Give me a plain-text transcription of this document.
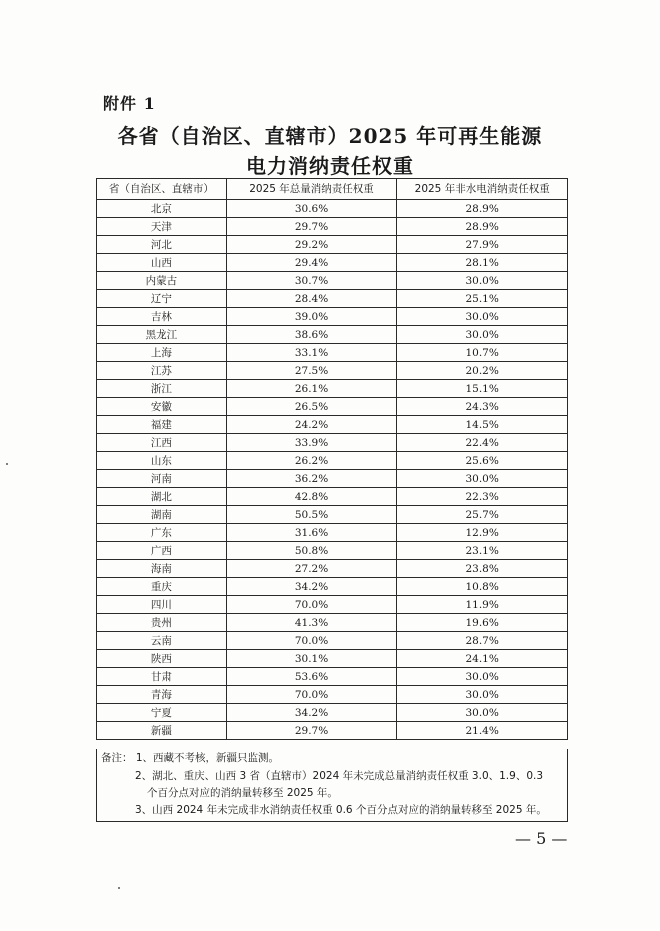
附件 1
各省（自治区、直辖市）2025 年可再生能源
电力消纳责任权重
省（自治区、直辖市）	2025 年总量消纳责任权重	2025 年非水电消纳责任权重
北京	30.6%	28.9%
天津	29.7%	28.9%
河北	29.2%	27.9%
山西	29.4%	28.1%
内蒙古	30.7%	30.0%
辽宁	28.4%	25.1%
吉林	39.0%	30.0%
黑龙江	38.6%	30.0%
上海	33.1%	10.7%
江苏	27.5%	20.2%
浙江	26.1%	15.1%
安徽	26.5%	24.3%
福建	24.2%	14.5%
江西	33.9%	22.4%
山东	26.2%	25.6%
河南	36.2%	30.0%
湖北	42.8%	22.3%
湖南	50.5%	25.7%
广东	31.6%	12.9%
广西	50.8%	23.1%
海南	27.2%	23.8%
重庆	34.2%	10.8%
四川	70.0%	11.9%
贵州	41.3%	19.6%
云南	70.0%	28.7%
陕西	30.1%	24.1%
甘肃	53.6%	30.0%
青海	70.0%	30.0%
宁夏	34.2%	30.0%
新疆	29.7%	21.4%
备注： 1、西藏不考核，新疆只监测。
2、湖北、重庆、山西 3 省（直辖市）2024 年未完成总量消纳责任权重 3.0、1.9、0.3
个百分点对应的消纳量转移至 2025 年。
3、山西 2024 年未完成非水消纳责任权重 0.6 个百分点对应的消纳量转移至 2025 年。
— 5 —
